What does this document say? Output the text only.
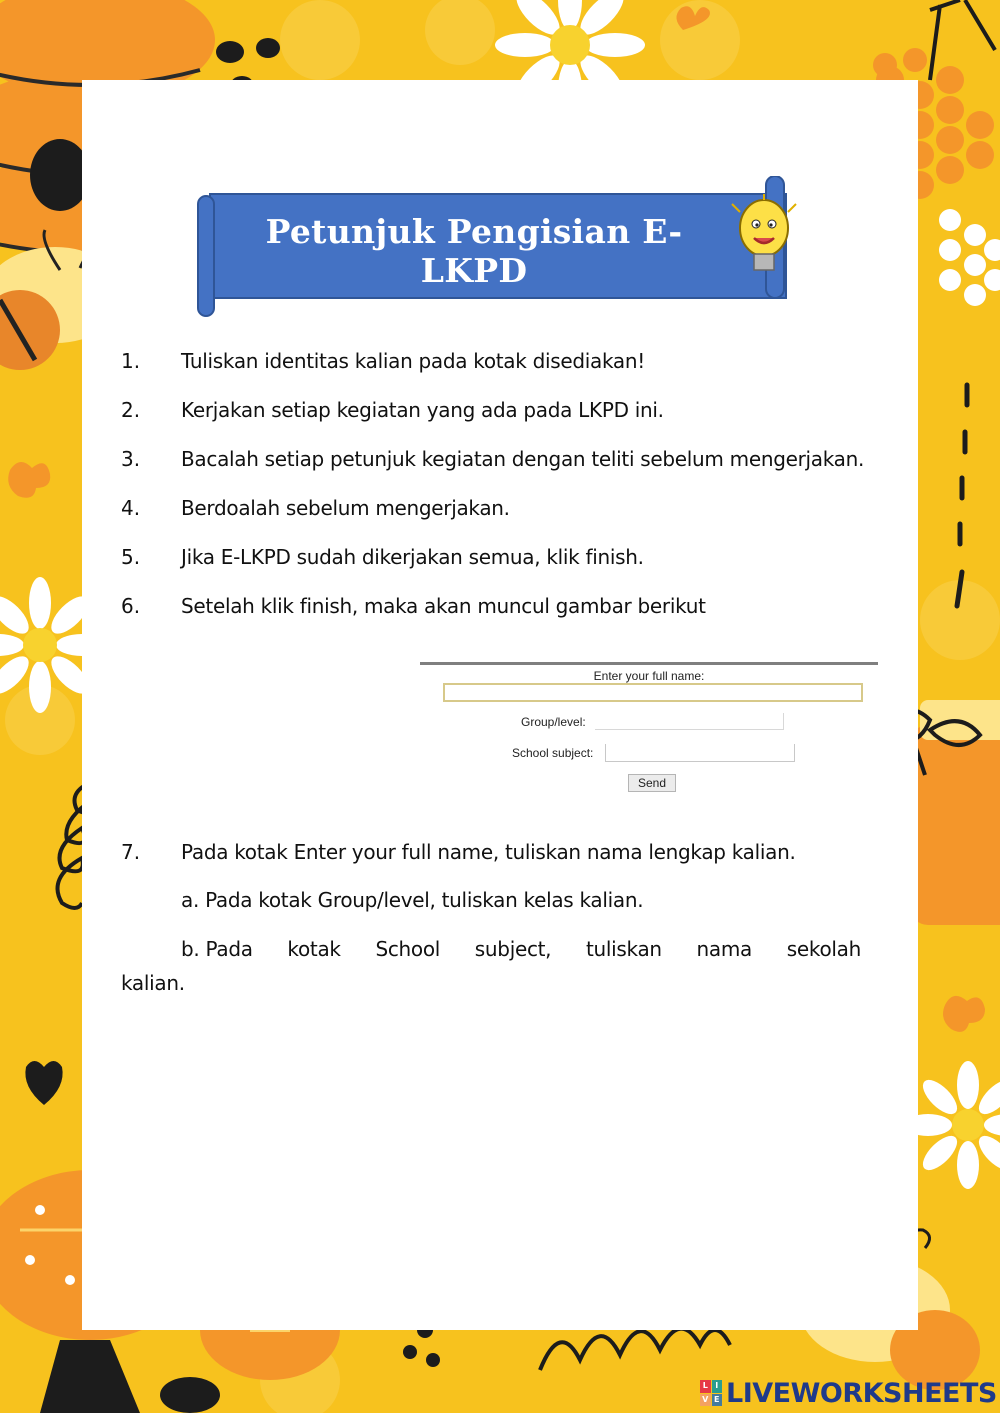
Petunjuk Pengisian E-LKPD
1.	Tuliskan identitas kalian pada kotak disediakan!
2.	Kerjakan setiap kegiatan yang ada pada LKPD ini.
3.	Bacalah setiap petunjuk kegiatan dengan teliti sebelum mengerjakan.
4.	Berdoalah sebelum mengerjakan.
5.	Jika E-LKPD sudah dikerjakan semua, klik finish.
6.	Setelah klik finish, maka akan muncul gambar berikut
Enter your full name:
Group/level:
School subject:
Send
7.	Pada kotak Enter your full name, tuliskan nama lengkap kalian.
a. Pada kotak Group/level, tuliskan kelas kalian.
b. Pada kotak School subject, tuliskan nama sekolah
kalian.
L I
V E LIVEWORKSHEETS
